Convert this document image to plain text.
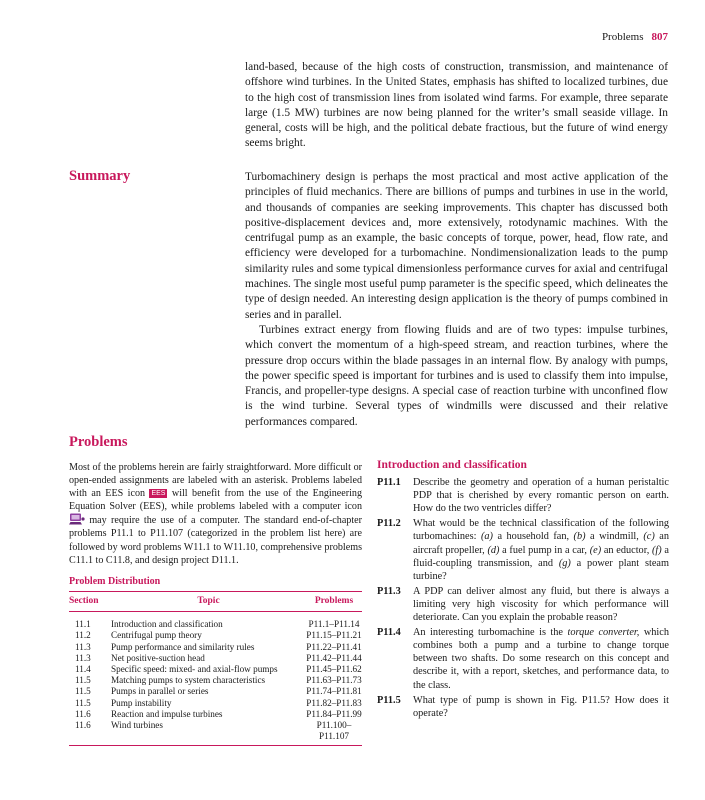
Problems 807

land-based, because of the high costs of construction, transmission, and maintenance of offshore wind turbines. In the United States, emphasis has shifted to localized turbines, due to the high cost of transmission lines from isolated wind farms. For example, three separate large (1.5 MW) turbines are now being planned for the writer’s small seaside village. In general, costs will be high, and the political debate fractious, but the future of wind energy seems bright.

Summary	Turbomachinery design is perhaps the most practical and most active application of the principles of fluid mechanics. There are billions of pumps and turbines in use in the world, and thousands of companies are seeking improvements. This chapter has discussed both positive-displacement devices and, more extensively, rotodynamic machines. With the centrifugal pump as an example, the basic concepts of torque, power, head, flow rate, and efficiency were developed for a turbomachine. Nondimensionalization leads to the pump similarity rules and some typical dimensionless performance curves for axial and centrifugal machines. The single most useful pump parameter is the specific speed, which delineates the type of design needed. An interesting design application is the theory of pumps combined in series and in parallel.

Turbines extract energy from flowing fluids and are of two types: impulse turbines, which convert the momentum of a high-speed stream, and reaction turbines, where the pressure drop occurs within the blade passages in an internal flow. By analogy with pumps, the power specific speed is important for turbines and is used to classify them into impulse, Francis, and propeller-type designs. A special case of reaction turbine with unconfined flow is the wind turbine. Several types of windmills were discussed and their relative performances compared.

Problems

Most of the problems herein are fairly straightforward. More difficult or open-ended assignments are labeled with an asterisk. Problems labeled with an EES icon EES will benefit from the use of the Engineering Equation Solver (EES), while problems labeled with a computer icon  may require the use of a computer. The standard end-of-chapter problems P11.1 to P11.107 (categorized in the problem list here) are followed by word problems W11.1 to W11.10, comprehensive problems C11.1 to C11.8, and design project D11.1.

Problem Distribution
Section	Topic	Problems
11.1	Introduction and classification	P11.1–P11.14
11.2	Centrifugal pump theory	P11.15–P11.21
11.3	Pump performance and similarity rules	P11.22–P11.41
11.3	Net positive-suction head	P11.42–P11.44
11.4	Specific speed: mixed- and axial-flow pumps	P11.45–P11.62
11.5	Matching pumps to system characteristics	P11.63–P11.73
11.5	Pumps in parallel or series	P11.74–P11.81
11.5	Pump instability	P11.82–P11.83
11.6	Reaction and impulse turbines	P11.84–P11.99
11.6	Wind turbines	P11.100–P11.107
Introduction and classification
P11.1	Describe the geometry and operation of a human peristaltic PDP that is cherished by every romantic person on earth. How do the two ventricles differ?
P11.2	What would be the technical classification of the following turbomachines: (a) a household fan, (b) a windmill, (c) an aircraft propeller, (d) a fuel pump in a car, (e) an eductor, (f) a fluid-coupling transmission, and (g) a power plant steam turbine?
P11.3	A PDP can deliver almost any fluid, but there is always a limiting very high viscosity for which performance will deteriorate. Can you explain the probable reason?
P11.4	An interesting turbomachine is the torque converter, which combines both a pump and a turbine to change torque between two shafts. Do some research on this concept and describe it, with a report, sketches, and performance data, to the class.
P11.5	What type of pump is shown in Fig. P11.5? How does it operate?
